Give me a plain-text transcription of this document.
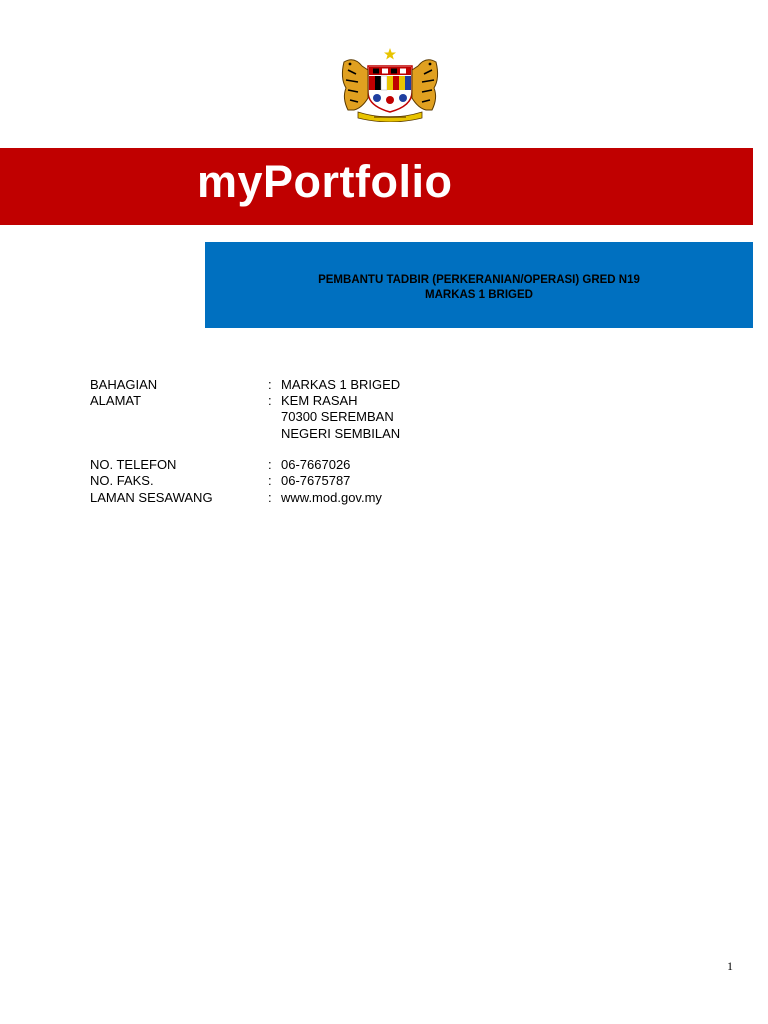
myPortfolio
PEMBANTU TADBIR (PERKERANIAN/OPERASI) GRED N19
MARKAS 1 BRIGED
BAHAGIAN	: MARKAS 1 BRIGED
ALAMAT	: KEM RASAH
70300 SEREMBAN
NEGERI SEMBILAN
NO. TELEFON	: 06-7667026
NO. FAKS.	: 06-7675787
LAMAN SESAWANG	: www.mod.gov.my
1
